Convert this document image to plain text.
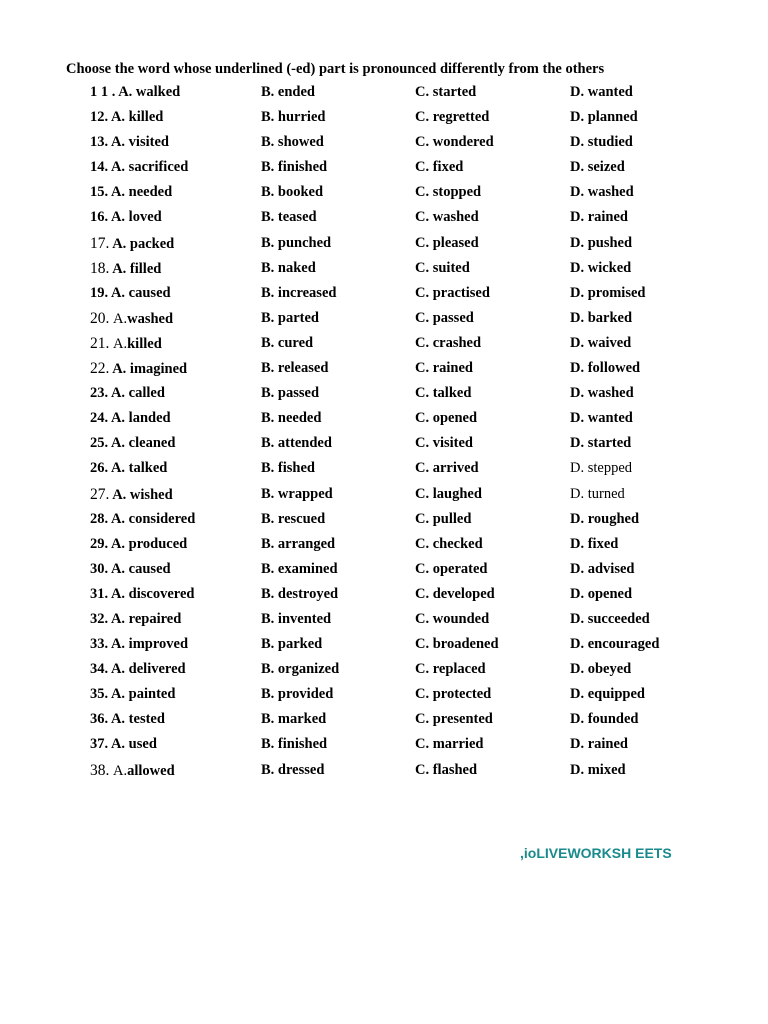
Choose the word whose underlined (-ed) part is pronounced differently from the others
1 1 . A. walked	B. ended	C. started	D. wanted
12. A. killed	B. hurried	C. regretted	D. planned
13. A. visited	B. showed	C. wondered	D. studied
14. A. sacrificed	B. finished	C. fixed	D. seized
15. A. needed	B. booked	C. stopped	D. washed
16. A. loved	B. teased	C. washed	D. rained
17. A. packed	B. punched	C. pleased	D. pushed
18. A. filled	B. naked	C. suited	D. wicked
19. A. caused	B. increased	C. practised	D. promised
20. A.washed	B. parted	C. passed	D. barked
21. A.killed	B. cured	C. crashed	D. waived
22. A. imagined	B. released	C. rained	D. followed
23. A. called	B. passed	C. talked	D. washed
24. A. landed	B. needed	C. opened	D. wanted
25. A. cleaned	B. attended	C. visited	D. started
26. A. talked	B. fished	C. arrived	D. stepped
27. A. wished	B. wrapped	C. laughed	D. turned
28. A. considered	B. rescued	C. pulled	D. roughed
29. A. produced	B. arranged	C. checked	D. fixed
30. A. caused	B. examined	C. operated	D. advised
31. A. discovered	B. destroyed	C. developed	D. opened
32. A. repaired	B. invented	C. wounded	D. succeeded
33. A. improved	B. parked	C. broadened	D. encouraged
34. A. delivered	B. organized	C. replaced	D. obeyed
35. A. painted	B. provided	C. protected	D. equipped
36. A. tested	B. marked	C. presented	D. founded
37. A. used	B. finished	C. married	D. rained
38. A.allowed	B. dressed	C. flashed	D. mixed
,ioLIVEWORKSH EETS
